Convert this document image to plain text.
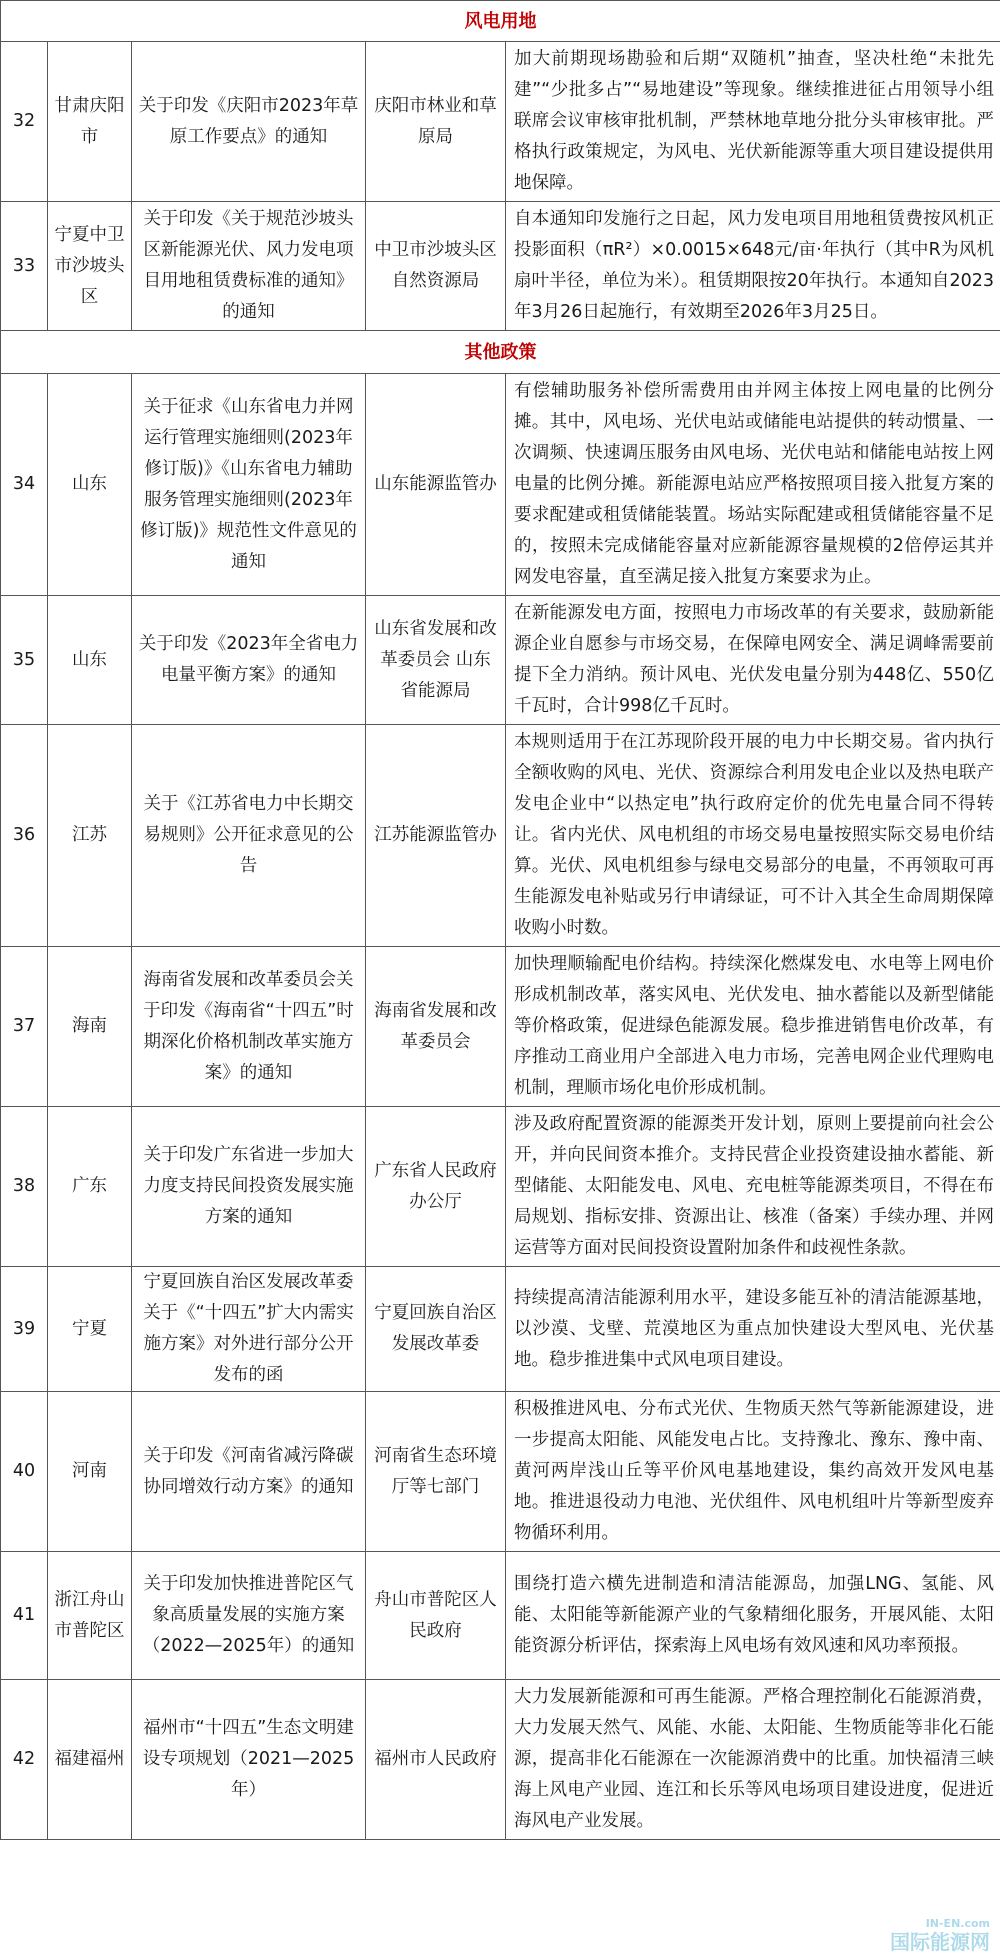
风电用地				

32	甘肃庆阳市	关于印发《庆阳市2023年草原工作要点》的通知	庆阳市林业和草原局	加大前期现场勘验和后期“双随机”抽查，坚决杜绝“未批先建”“少批多占”“易地建设”等现象。继续推进征占用领导小组联席会议审核审批机制，严禁林地草地分批分头审核审批。严格执行政策规定，为风电、光伏新能源等重大项目建设提供用地保障。

33	宁夏中卫市沙坡头区	关于印发《关于规范沙坡头区新能源光伏、风力发电项目用地租赁费标准的通知》的通知	中卫市沙坡头区自然资源局	自本通知印发施行之日起，风力发电项目用地租赁费按风机正投影面积（πR²）×0.0015×648元/亩·年执行（其中R为风机扇叶半径，单位为米）。租赁期限按20年执行。本通知自2023年3月26日起施行，有效期至2026年3月25日。

其他政策				

34	山东	关于征求《山东省电力并网运行管理实施细则(2023年修订版)》《山东省电力辅助服务管理实施细则(2023年修订版)》规范性文件意见的通知	山东能源监管办	有偿辅助服务补偿所需费用由并网主体按上网电量的比例分摊。其中，风电场、光伏电站或储能电站提供的转动惯量、一次调频、快速调压服务由风电场、光伏电站和储能电站按上网电量的比例分摊。新能源电站应严格按照项目接入批复方案的要求配建或租赁储能装置。场站实际配建或租赁储能容量不足的，按照未完成储能容量对应新能源容量规模的2倍停运其并网发电容量，直至满足接入批复方案要求为止。

35	山东	关于印发《2023年全省电力电量平衡方案》的通知	山东省发展和改革委员会 山东省能源局	在新能源发电方面，按照电力市场改革的有关要求，鼓励新能源企业自愿参与市场交易，在保障电网安全、满足调峰需要前提下全力消纳。预计风电、光伏发电量分别为448亿、550亿千瓦时，合计998亿千瓦时。

36	江苏	关于《江苏省电力中长期交易规则》公开征求意见的公告	江苏能源监管办	本规则适用于在江苏现阶段开展的电力中长期交易。省内执行全额收购的风电、光伏、资源综合利用发电企业以及热电联产发电企业中“以热定电”执行政府定价的优先电量合同不得转让。省内光伏、风电机组的市场交易电量按照实际交易电价结算。光伏、风电机组参与绿电交易部分的电量，不再领取可再生能源发电补贴或另行申请绿证，可不计入其全生命周期保障收购小时数。

37	海南	海南省发展和改革委员会关于印发《海南省“十四五”时期深化价格机制改革实施方案》的通知	海南省发展和改革委员会	加快理顺输配电价结构。持续深化燃煤发电、水电等上网电价形成机制改革，落实风电、光伏发电、抽水蓄能以及新型储能等价格政策，促进绿色能源发展。稳步推进销售电价改革，有序推动工商业用户全部进入电力市场，完善电网企业代理购电机制，理顺市场化电价形成机制。

38	广东	关于印发广东省进一步加大力度支持民间投资发展实施方案的通知	广东省人民政府办公厅	涉及政府配置资源的能源类开发计划，原则上要提前向社会公开，并向民间资本推介。支持民营企业投资建设抽水蓄能、新型储能、太阳能发电、风电、充电桩等能源类项目，不得在布局规划、指标安排、资源出让、核准（备案）手续办理、并网运营等方面对民间投资设置附加条件和歧视性条款。

39	宁夏	宁夏回族自治区发展改革委关于《“十四五”扩大内需实施方案》对外进行部分公开发布的函	宁夏回族自治区发展改革委	持续提高清洁能源利用水平，建设多能互补的清洁能源基地，以沙漠、戈壁、荒漠地区为重点加快建设大型风电、光伏基地。稳步推进集中式风电项目建设。

40	河南	关于印发《河南省减污降碳协同增效行动方案》的通知	河南省生态环境厅等七部门	积极推进风电、分布式光伏、生物质天然气等新能源建设，进一步提高太阳能、风能发电占比。支持豫北、豫东、豫中南、黄河两岸浅山丘等平价风电基地建设，集约高效开发风电基地。推进退役动力电池、光伏组件、风电机组叶片等新型废弃物循环利用。

41	浙江舟山市普陀区	关于印发加快推进普陀区气象高质量发展的实施方案（2022—2025年）的通知	舟山市普陀区人民政府	围绕打造六横先进制造和清洁能源岛，加强LNG、氢能、风能、太阳能等新能源产业的气象精细化服务，开展风能、太阳能资源分析评估，探索海上风电场有效风速和风功率预报。

42	福建福州	福州市“十四五”生态文明建设专项规划（2021—2025年）	福州市人民政府	大力发展新能源和可再生能源。严格合理控制化石能源消费，大力发展天然气、风能、水能、太阳能、生物质能等非化石能源，提高非化石能源在一次能源消费中的比重。加快福清三峡海上风电产业园、连江和长乐等风电场项目建设进度，促进近海风电产业发展。
IN-EN.com
国际能源网
